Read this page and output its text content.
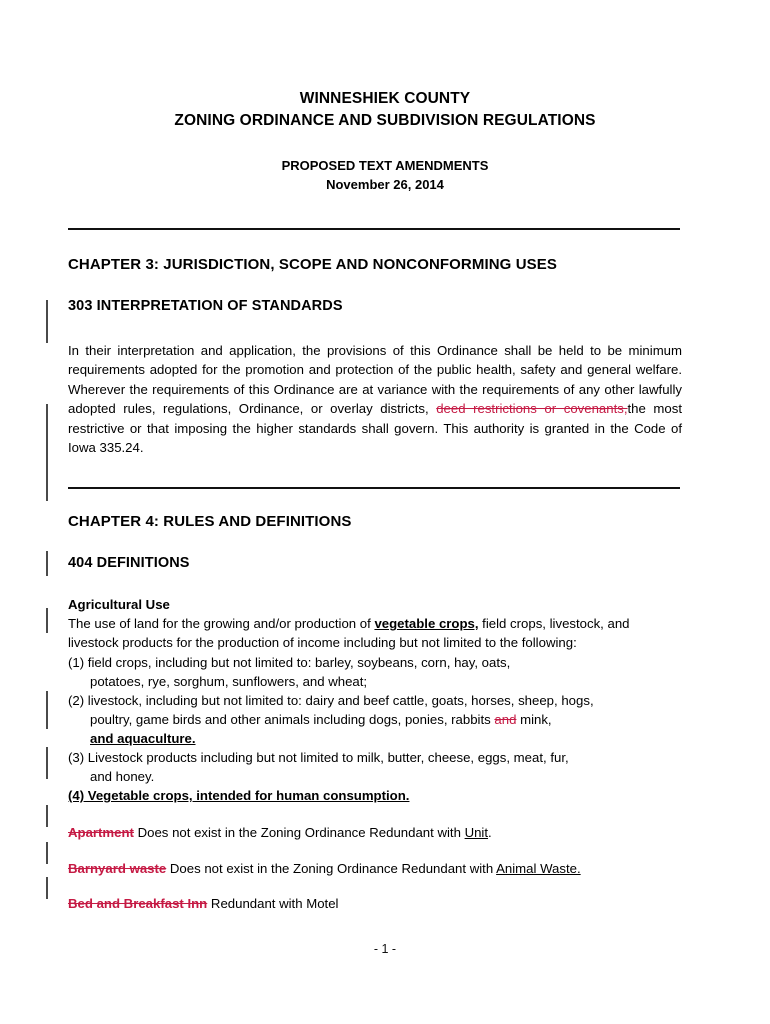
WINNESHIEK COUNTY
ZONING ORDINANCE AND SUBDIVISION REGULATIONS
PROPOSED TEXT AMENDMENTS
November 26, 2014
CHAPTER 3: JURISDICTION, SCOPE AND NONCONFORMING USES
303 INTERPRETATION OF STANDARDS
In their interpretation and application, the provisions of this Ordinance shall be held to be minimum requirements adopted for the promotion and protection of the public health, safety and general welfare. Wherever the requirements of this Ordinance are at variance with the requirements of any other lawfully adopted rules, regulations, Ordinance, or overlay districts, deed restrictions or covenants,the most restrictive or that imposing the higher standards shall govern. This authority is granted in the Code of Iowa 335.24.
CHAPTER 4: RULES AND DEFINITIONS
404 DEFINITIONS
Agricultural Use
The use of land for the growing and/or production of vegetable crops, field crops, livestock, and livestock products for the production of income including but not limited to the following:
(1) field crops, including but not limited to: barley, soybeans, corn, hay, oats,
potatoes, rye, sorghum, sunflowers, and wheat;
(2) livestock, including but not limited to: dairy and beef cattle, goats, horses, sheep, hogs,
poultry, game birds and other animals including dogs, ponies, rabbits and mink,
and aquaculture.
(3) Livestock products including but not limited to milk, butter, cheese, eggs, meat, fur,
and honey.
(4) Vegetable crops, intended for human consumption.
Apartment Does not exist in the Zoning Ordinance Redundant with Unit.
Barnyard waste Does not exist in the Zoning Ordinance Redundant with Animal Waste.
Bed and Breakfast Inn Redundant with Motel
- 1 -
